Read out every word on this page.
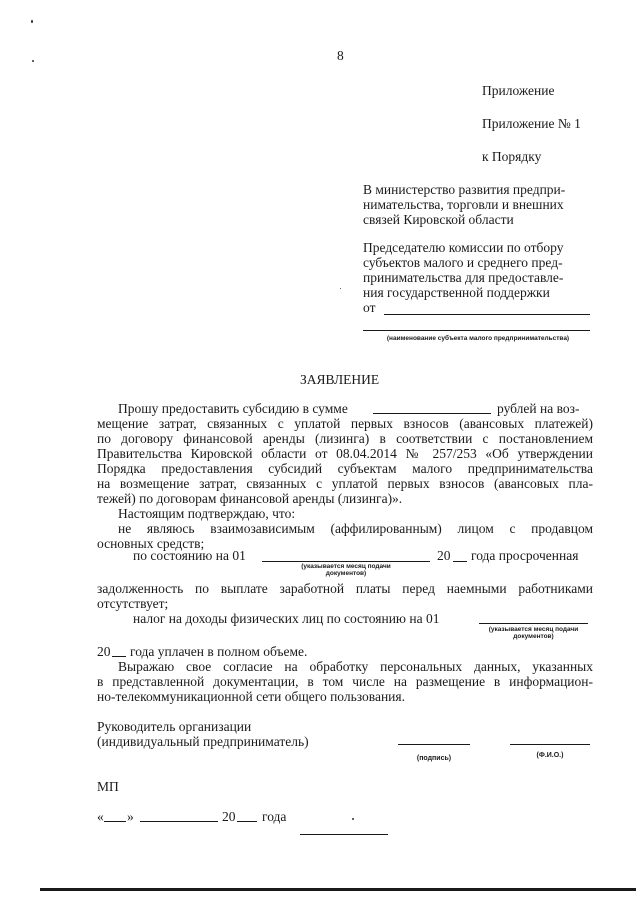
8
Приложение
Приложение № 1
к Порядку
В министерство развития предпри-
нимательства, торговли и внешних
связей Кировской области
Председателю комиссии по отбору
субъектов малого и среднего пред-
принимательства для предоставле-
ния государственной поддержки
от
(наименование субъекта малого предпринимательства)
ЗАЯВЛЕНИЕ
Прошу предоставить субсидию в сумме	рублей на воз-
мещение затрат, связанных с уплатой первых взносов (авансовых платежей)
по договору финансовой аренды (лизинга) в соответствии с постановлением
Правительства Кировской области от 08.04.2014 № 257/253 «Об утверждении
Порядка предоставления субсидий субъектам малого предпринимательства
на возмещение затрат, связанных с уплатой первых взносов (авансовых пла-
тежей) по договорам финансовой аренды (лизинга)».
Настоящим подтверждаю, что:
не являюсь взаимозависимым (аффилированным) лицом с продавцом
основных средств;
по состоянию на 01	20 года просроченная
(указывается месяц подачи
документов)
задолженность по выплате заработной платы перед наемными работниками
отсутствует;
налог на доходы физических лиц по состоянию на 01
(указывается месяц подачи
документов)
20 года уплачен в полном объеме.
Выражаю свое согласие на обработку персональных данных, указанных
в представленной документации, в том числе на размещение в информацион-
но-телекоммуникационной сети общего пользования.
Руководитель организации
(индивидуальный предприниматель)
(подпись)	(Ф.И.О.)
МП
« »	20 года
